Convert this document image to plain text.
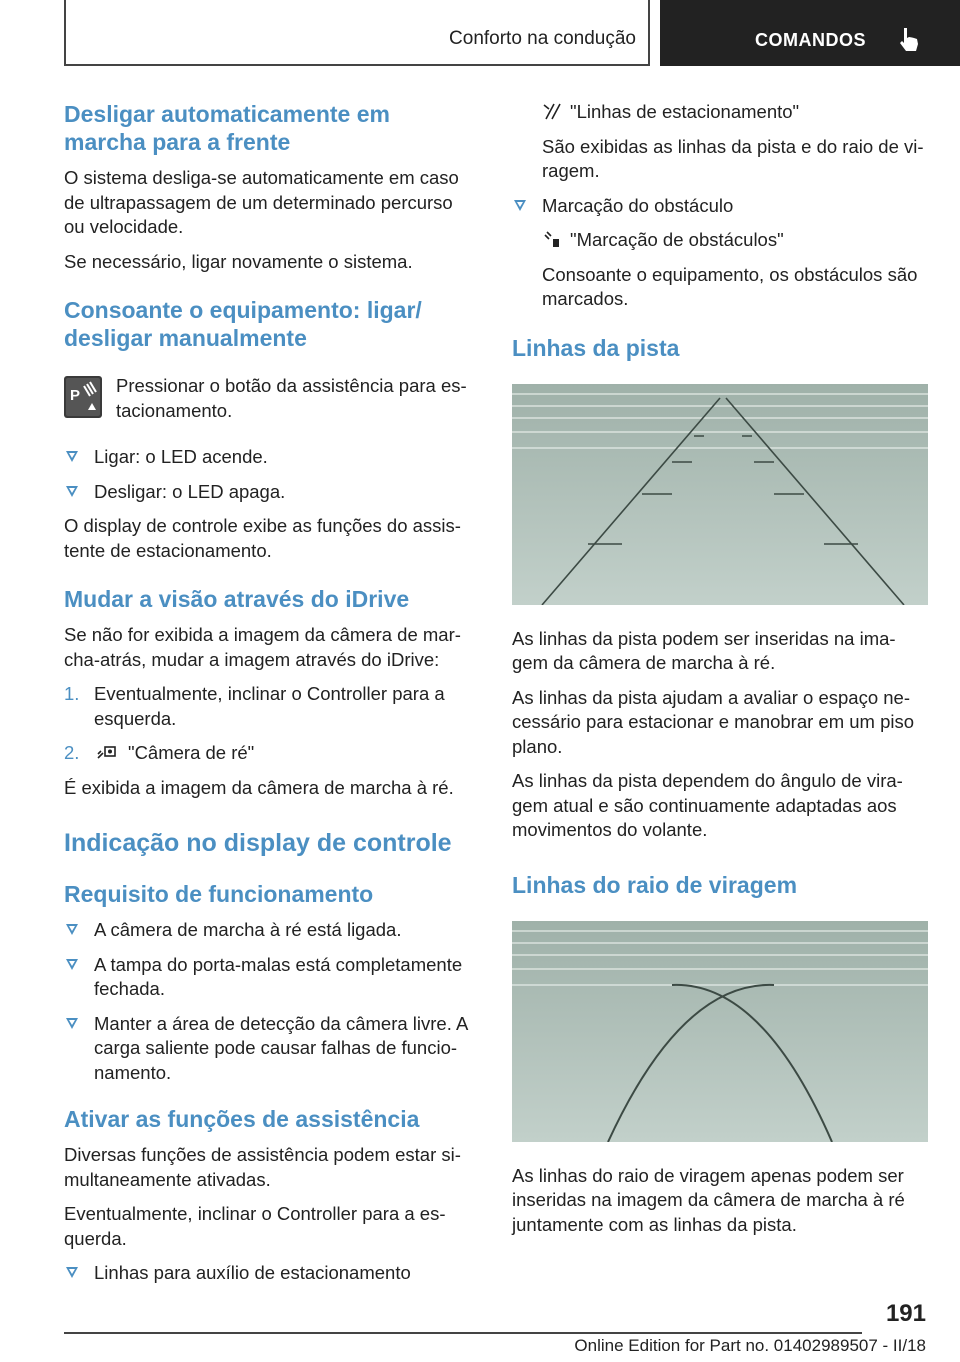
Conforto na condução	COMANDOS
Desligar automaticamente em marcha para a frente

O sistema desliga-se automaticamente em caso de ultrapassagem de um determinado percurso ou velocidade.

Se necessário, ligar novamente o sistema.

Consoante o equipamento: ligar/ desligar manualmente
P Pressionar o botão da assistência para es- tacionamento.
Ligar: o LED acende.
Desligar: o LED apaga.

O display de controle exibe as funções do assis- tente de estacionamento.

Mudar a visão através do iDrive

Se não for exibida a imagem da câmera de mar- cha-atrás, mudar a imagem através do iDrive:

1. Eventualmente, inclinar o Controller para a esquerda.
2.	"Câmera de ré"

É exibida a imagem da câmera de marcha à ré.

Indicação no display de controle
Requisito de funcionamento
A câmera de marcha à ré está ligada.
A tampa do porta-malas está completamente fechada.
Manter a área de detecção da câmera livre. A carga saliente pode causar falhas de funcio- namento.
Ativar as funções de assistência

Diversas funções de assistência podem estar si- multaneamente ativadas.

Eventualmente, inclinar o Controller para a es- querda.

Linhas para auxílio de estacionamento

"Linhas de estacionamento"

São exibidas as linhas da pista e do raio de vi- ragem.

Marcação do obstáculo

"Marcação de obstáculos"

Consoante o equipamento, os obstáculos são marcados.

Linhas da pista

As linhas da pista podem ser inseridas na ima- gem da câmera de marcha à ré.

As linhas da pista ajudam a avaliar o espaço ne- cessário para estacionar e manobrar em um piso plano.

As linhas da pista dependem do ângulo de vira- gem atual e são continuamente adaptadas aos movimentos do volante.

Linhas do raio de viragem

As linhas do raio de viragem apenas podem ser inseridas na imagem da câmera de marcha à ré juntamente com as linhas da pista.

191
Online Edition for Part no. 01402989507 - II/18
